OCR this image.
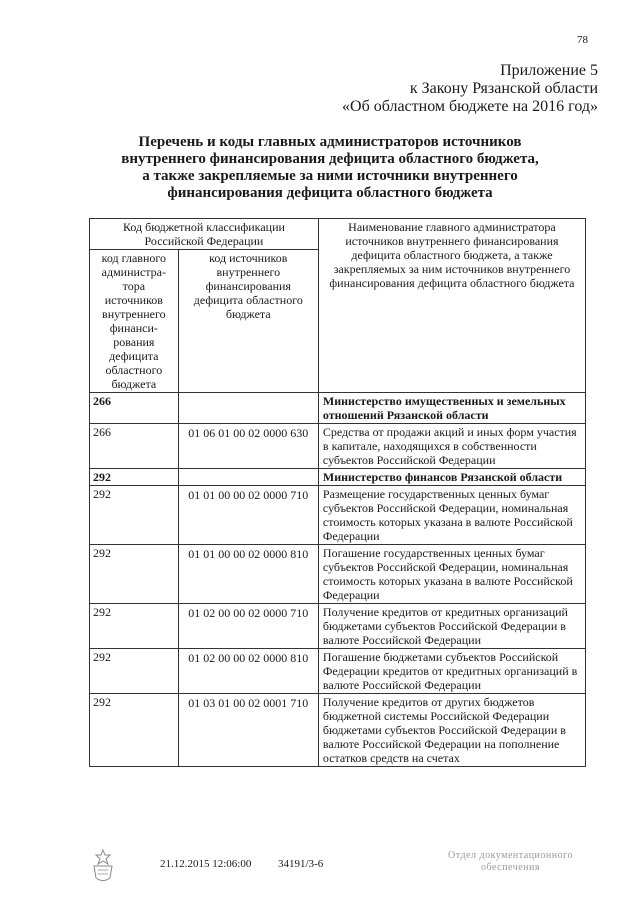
78
Приложение 5
к Закону Рязанской области
«Об областном бюджете на 2016 год»
Перечень и коды главных администраторов источников
внутреннего финансирования дефицита областного бюджета,
а также закрепляемые за ними источники внутреннего
финансирования дефицита областного бюджета
Код бюджетной классификации Российской Федерации		Наименование главного администратора источников внутреннего финансирования дефицита областного бюджета, а также закрепляемых за ним источников внутреннего финансирования дефицита областного бюджета
код главного администра-тора источников внутреннего финанси-рования дефицита областного бюджета	код источников внутреннего финансирования дефицита областного бюджета	
266		Министерство имущественных и земельных отношений Рязанской области
266	01 06 01 00 02 0000 630	Средства от продажи акций и иных форм участия в капитале, находящихся в собственности субъектов Российской Федерации
292		Министерство финансов Рязанской области
292	01 01 00 00 02 0000 710	Размещение государственных ценных бумаг субъектов Российской Федерации, номинальная стоимость которых указана в валюте Российской Федерации
292	01 01 00 00 02 0000 810	Погашение государственных ценных бумаг субъектов Российской Федерации, номинальная стоимость которых указана в валюте Российской Федерации
292	01 02 00 00 02 0000 710	Получение кредитов от кредитных организаций бюджетами субъектов Российской Федерации в валюте Российской Федерации
292	01 02 00 00 02 0000 810	Погашение бюджетами субъектов Российской Федерации кредитов от кредитных организаций в валюте Российской Федерации
292	01 03 01 00 02 0001 710	Получение кредитов от других бюджетов бюджетной системы Российской Федерации бюджетами субъектов Российской Федерации в валюте Российской Федерации на пополнение остатков средств на счетах
21.12.2015 12:06:00 34191/3-6
Отдел документационного
обеспечения
